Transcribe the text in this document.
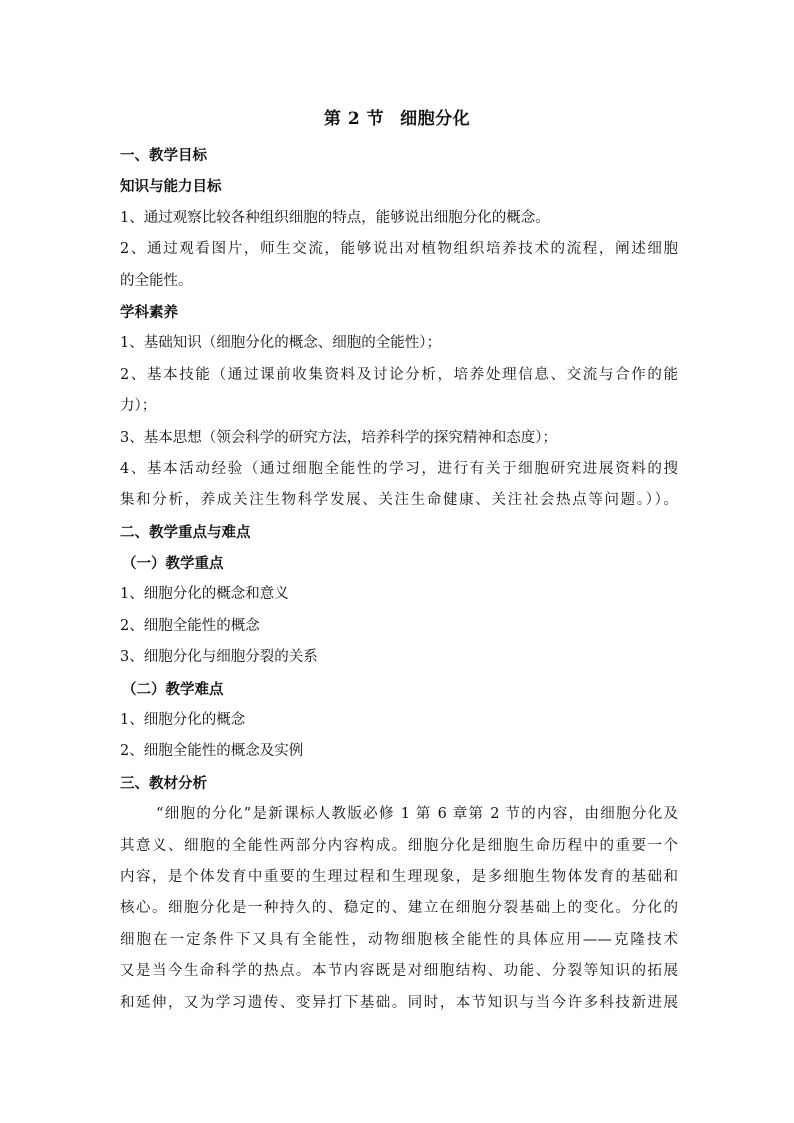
第 2 节 细胞分化
一、教学目标
知识与能力目标
1、通过观察比较各种组织细胞的特点，能够说出细胞分化的概念。
2、通过观看图片，师生交流，能够说出对植物组织培养技术的流程，阐述细胞
的全能性。
学科素养
1、基础知识（细胞分化的概念、细胞的全能性）；
2、基本技能（通过课前收集资料及讨论分析，培养处理信息、交流与合作的能
力）；
3、基本思想（领会科学的研究方法，培养科学的探究精神和态度）；
4、基本活动经验（通过细胞全能性的学习，进行有关于细胞研究进展资料的搜
集和分析，养成关注生物科学发展、关注生命健康、关注社会热点等问题。））。
二、教学重点与难点
（一）教学重点
1、细胞分化的概念和意义
2、细胞全能性的概念
3、细胞分化与细胞分裂的关系
（二）教学难点
1、细胞分化的概念
2、细胞全能性的概念及实例
三、教材分析
“细胞的分化”是新课标人教版必修 1 第 6 章第 2 节的内容，由细胞分化及
其意义、细胞的全能性两部分内容构成。细胞分化是细胞生命历程中的重要一个
内容，是个体发育中重要的生理过程和生理现象，是多细胞生物体发育的基础和
核心。细胞分化是一种持久的、稳定的、建立在细胞分裂基础上的变化。分化的
细胞在一定条件下又具有全能性，动物细胞核全能性的具体应用——克隆技术
又是当今生命科学的热点。本节内容既是对细胞结构、功能、分裂等知识的拓展
和延伸，又为学习遗传、变异打下基础。同时，本节知识与当今许多科技新进展
